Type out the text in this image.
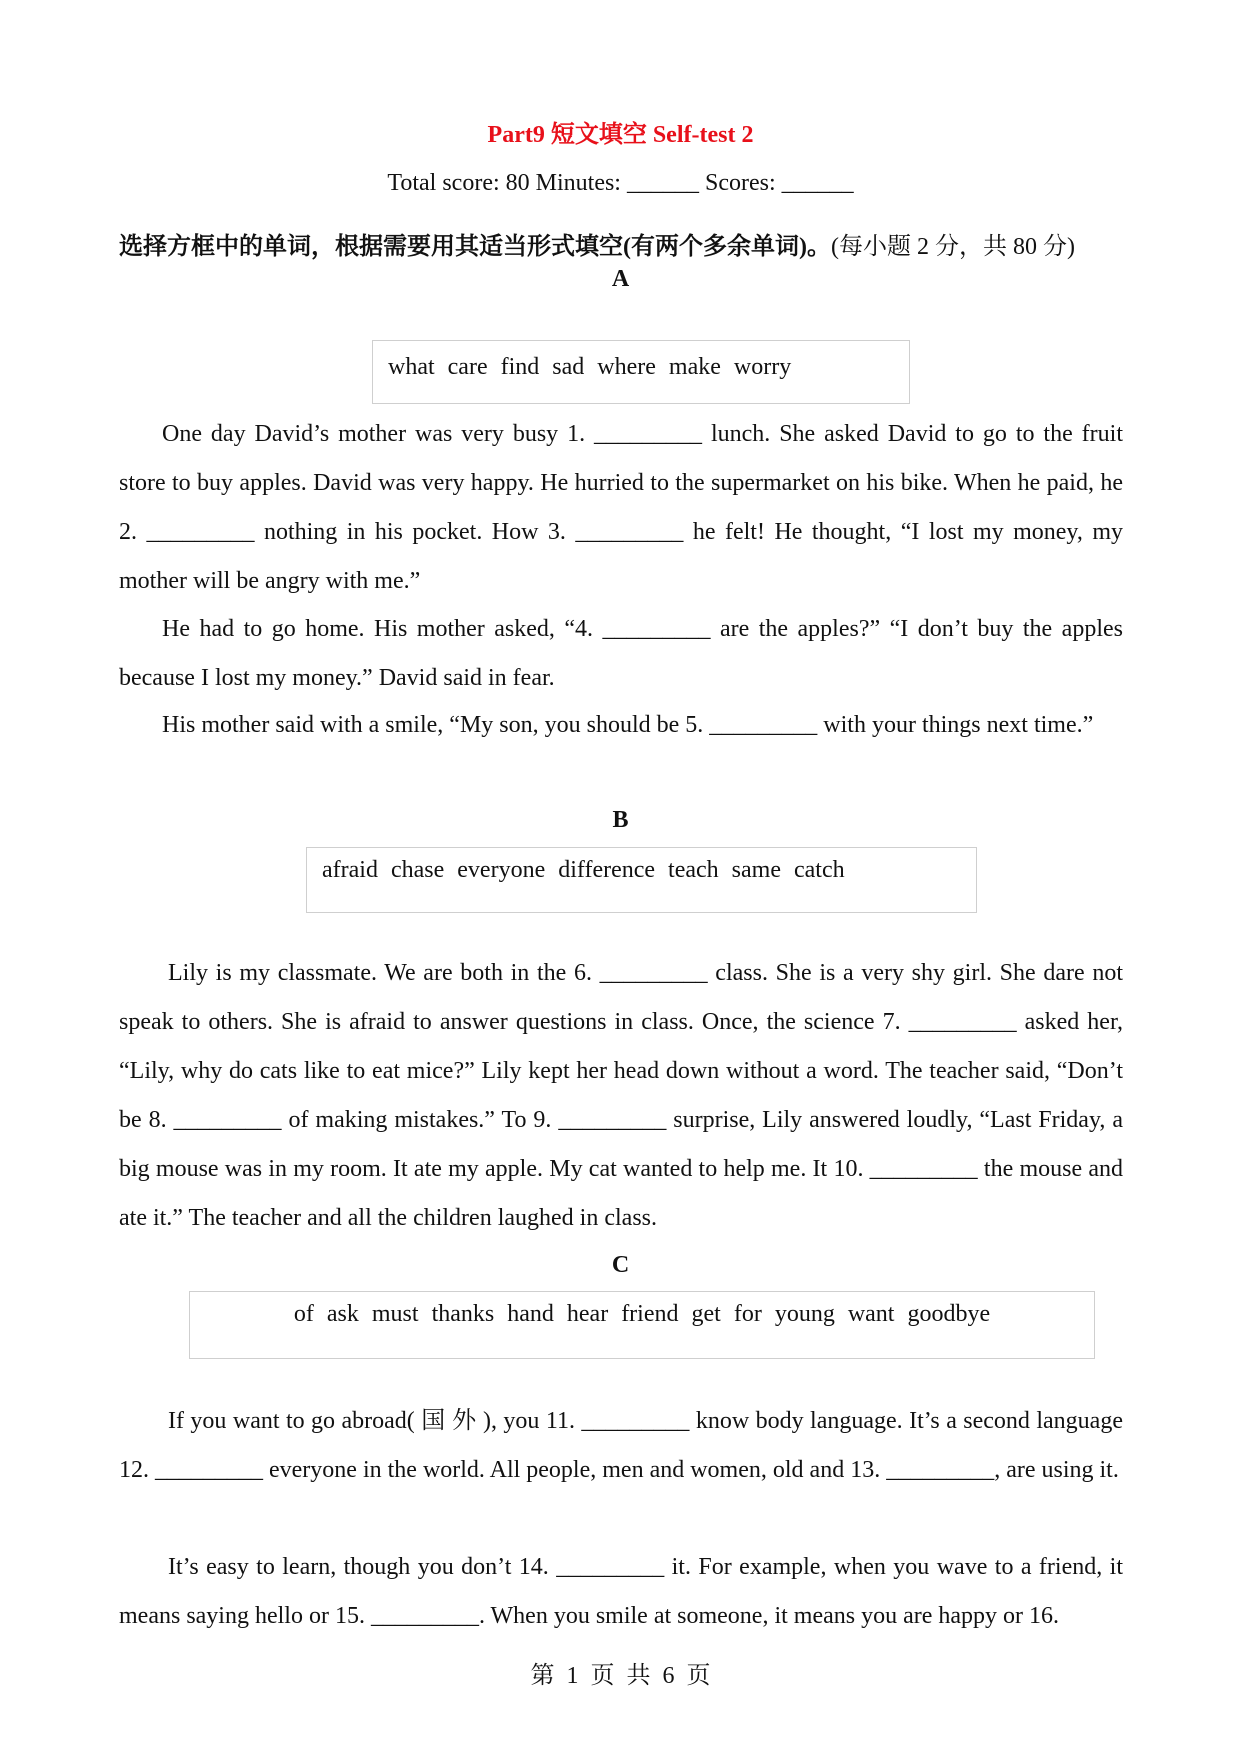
Part9 短文填空 Self-test 2
Total score: 80 Minutes: ______ Scores: ______
选择方框中的单词，根据需要用其适当形式填空(有两个多余单词)。(每小题 2 分，共 80 分)
A
what care find sad where make worry

One day David’s mother was very busy 1. _________ lunch. She asked David to go to the fruit store to buy apples. David was very happy. He hurried to the supermarket on his bike. When he paid, he 2. _________ nothing in his pocket. How 3. _________ he felt! He thought, “I lost my money, my mother will be angry with me.”

He had to go home. His mother asked, “4. _________ are the apples?” “I don’t buy the apples because I lost my money.” David said in fear.

His mother said with a smile, “My son, you should be 5. _________ with your things next time.”

B
afraid chase everyone difference teach same catch

Lily is my classmate. We are both in the 6. _________ class. She is a very shy girl. She dare not speak to others. She is afraid to answer questions in class. Once, the science 7. _________ asked her, “Lily, why do cats like to eat mice?” Lily kept her head down without a word. The teacher said, “Don’t be 8. _________ of making mistakes.” To 9. _________ surprise, Lily answered loudly, “Last Friday, a big mouse was in my room. It ate my apple. My cat wanted to help me. It 10. _________ the mouse and ate it.” The teacher and all the children laughed in class.

C
of ask must thanks hand hear friend get for young want goodbye

If you want to go abroad( 国 外 ), you 11. _________ know body language. It’s a second language 12. _________ everyone in the world. All people, men and women, old and 13. _________, are using it.

It’s easy to learn, though you don’t 14. _________ it. For example, when you wave to a friend, it means saying hello or 15. _________. When you smile at someone, it means you are happy or 16.

第 1 页 共 6 页
